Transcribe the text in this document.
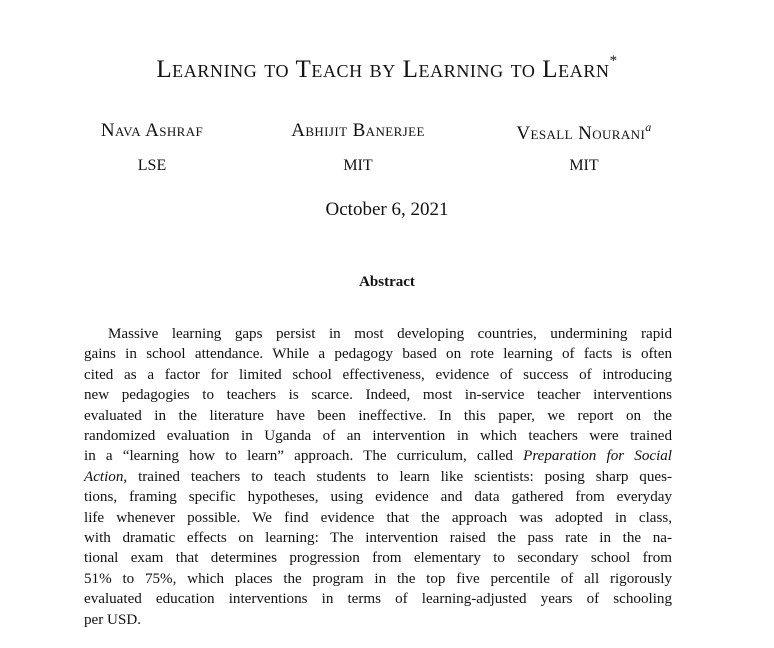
Learning to Teach by Learning to Learn*
Nava Ashraf	Abhijit Banerjee	Vesall Nourani$^a$
LSE	MIT	MIT
October 6, 2021
Abstract
Massive learning gaps persist in most developing countries, undermining rapid
gains in school attendance. While a pedagogy based on rote learning of facts is often
cited as a factor for limited school effectiveness, evidence of success of introducing
new pedagogies to teachers is scarce. Indeed, most in-service teacher interventions
evaluated in the literature have been ineffective. In this paper, we report on the
randomized evaluation in Uganda of an intervention in which teachers were trained
in a “learning how to learn” approach. The curriculum, called Preparation for Social
Action, trained teachers to teach students to learn like scientists: posing sharp ques-
tions, framing specific hypotheses, using evidence and data gathered from everyday
life whenever possible. We find evidence that the approach was adopted in class,
with dramatic effects on learning: The intervention raised the pass rate in the na-
tional exam that determines progression from elementary to secondary school from
51% to 75%, which places the program in the top five percentile of all rigorously
evaluated education interventions in terms of learning-adjusted years of schooling
per USD.
